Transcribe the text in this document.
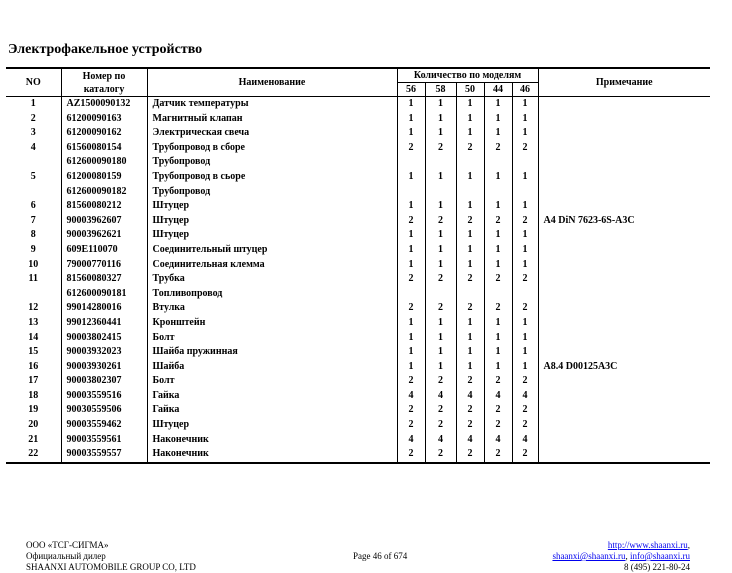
Электрофакельное устройство
NO	Номер по каталогу	Наименование	Количество по моделям					Примечание
			56	58	50	44	46	
1	AZ1500090132	Датчик температуры	1	1	1	1	1	
2	61200090163	Магнитный клапан	1	1	1	1	1	
3	61200090162	Электрическая свеча	1	1	1	1	1	
4	61560080154	Трубопровод в сборе	2	2	2	2	2	
	612600090180	Трубопровод						
5	61200080159	Трубопровод в сьоре	1	1	1	1	1	
	612600090182	Трубопровод						
6	81560080212	Штуцер	1	1	1	1	1	
7	90003962607	Штуцер	2	2	2	2	2	A4 DiN 7623-6S-A3C
8	90003962621	Штуцер	1	1	1	1	1	
9	609E110070	Соединительный штуцер	1	1	1	1	1	
10	79000770116	Соединительная клемма	1	1	1	1	1	
11	81560080327	Трубка	2	2	2	2	2	
	612600090181	Топливопровод						
12	99014280016	Втулка	2	2	2	2	2	
13	99012360441	Кронштейн	1	1	1	1	1	
14	90003802415	Болт	1	1	1	1	1	
15	90003932023	Шайба пружинная	1	1	1	1	1	
16	90003930261	Шайба	1	1	1	1	1	A8.4 D00125A3C
17	90003802307	Болт	2	2	2	2	2	
18	90003559516	Гайка	4	4	4	4	4	
19	90030559506	Гайка	2	2	2	2	2	
20	90003559462	Штуцер	2	2	2	2	2	
21	90003559561	Наконечник	4	4	4	4	4	
22	90003559557	Наконечник	2	2	2	2	2	
ООО «ТСГ-СИГМА»
Официальный дилер
SHAANXI AUTOMOBILE GROUP CO, LTD
Page 46 of 674
http://www.shaanxi.ru,
shaanxi@shaanxi.ru, info@shaanxi.ru
8 (495) 221-80-24
